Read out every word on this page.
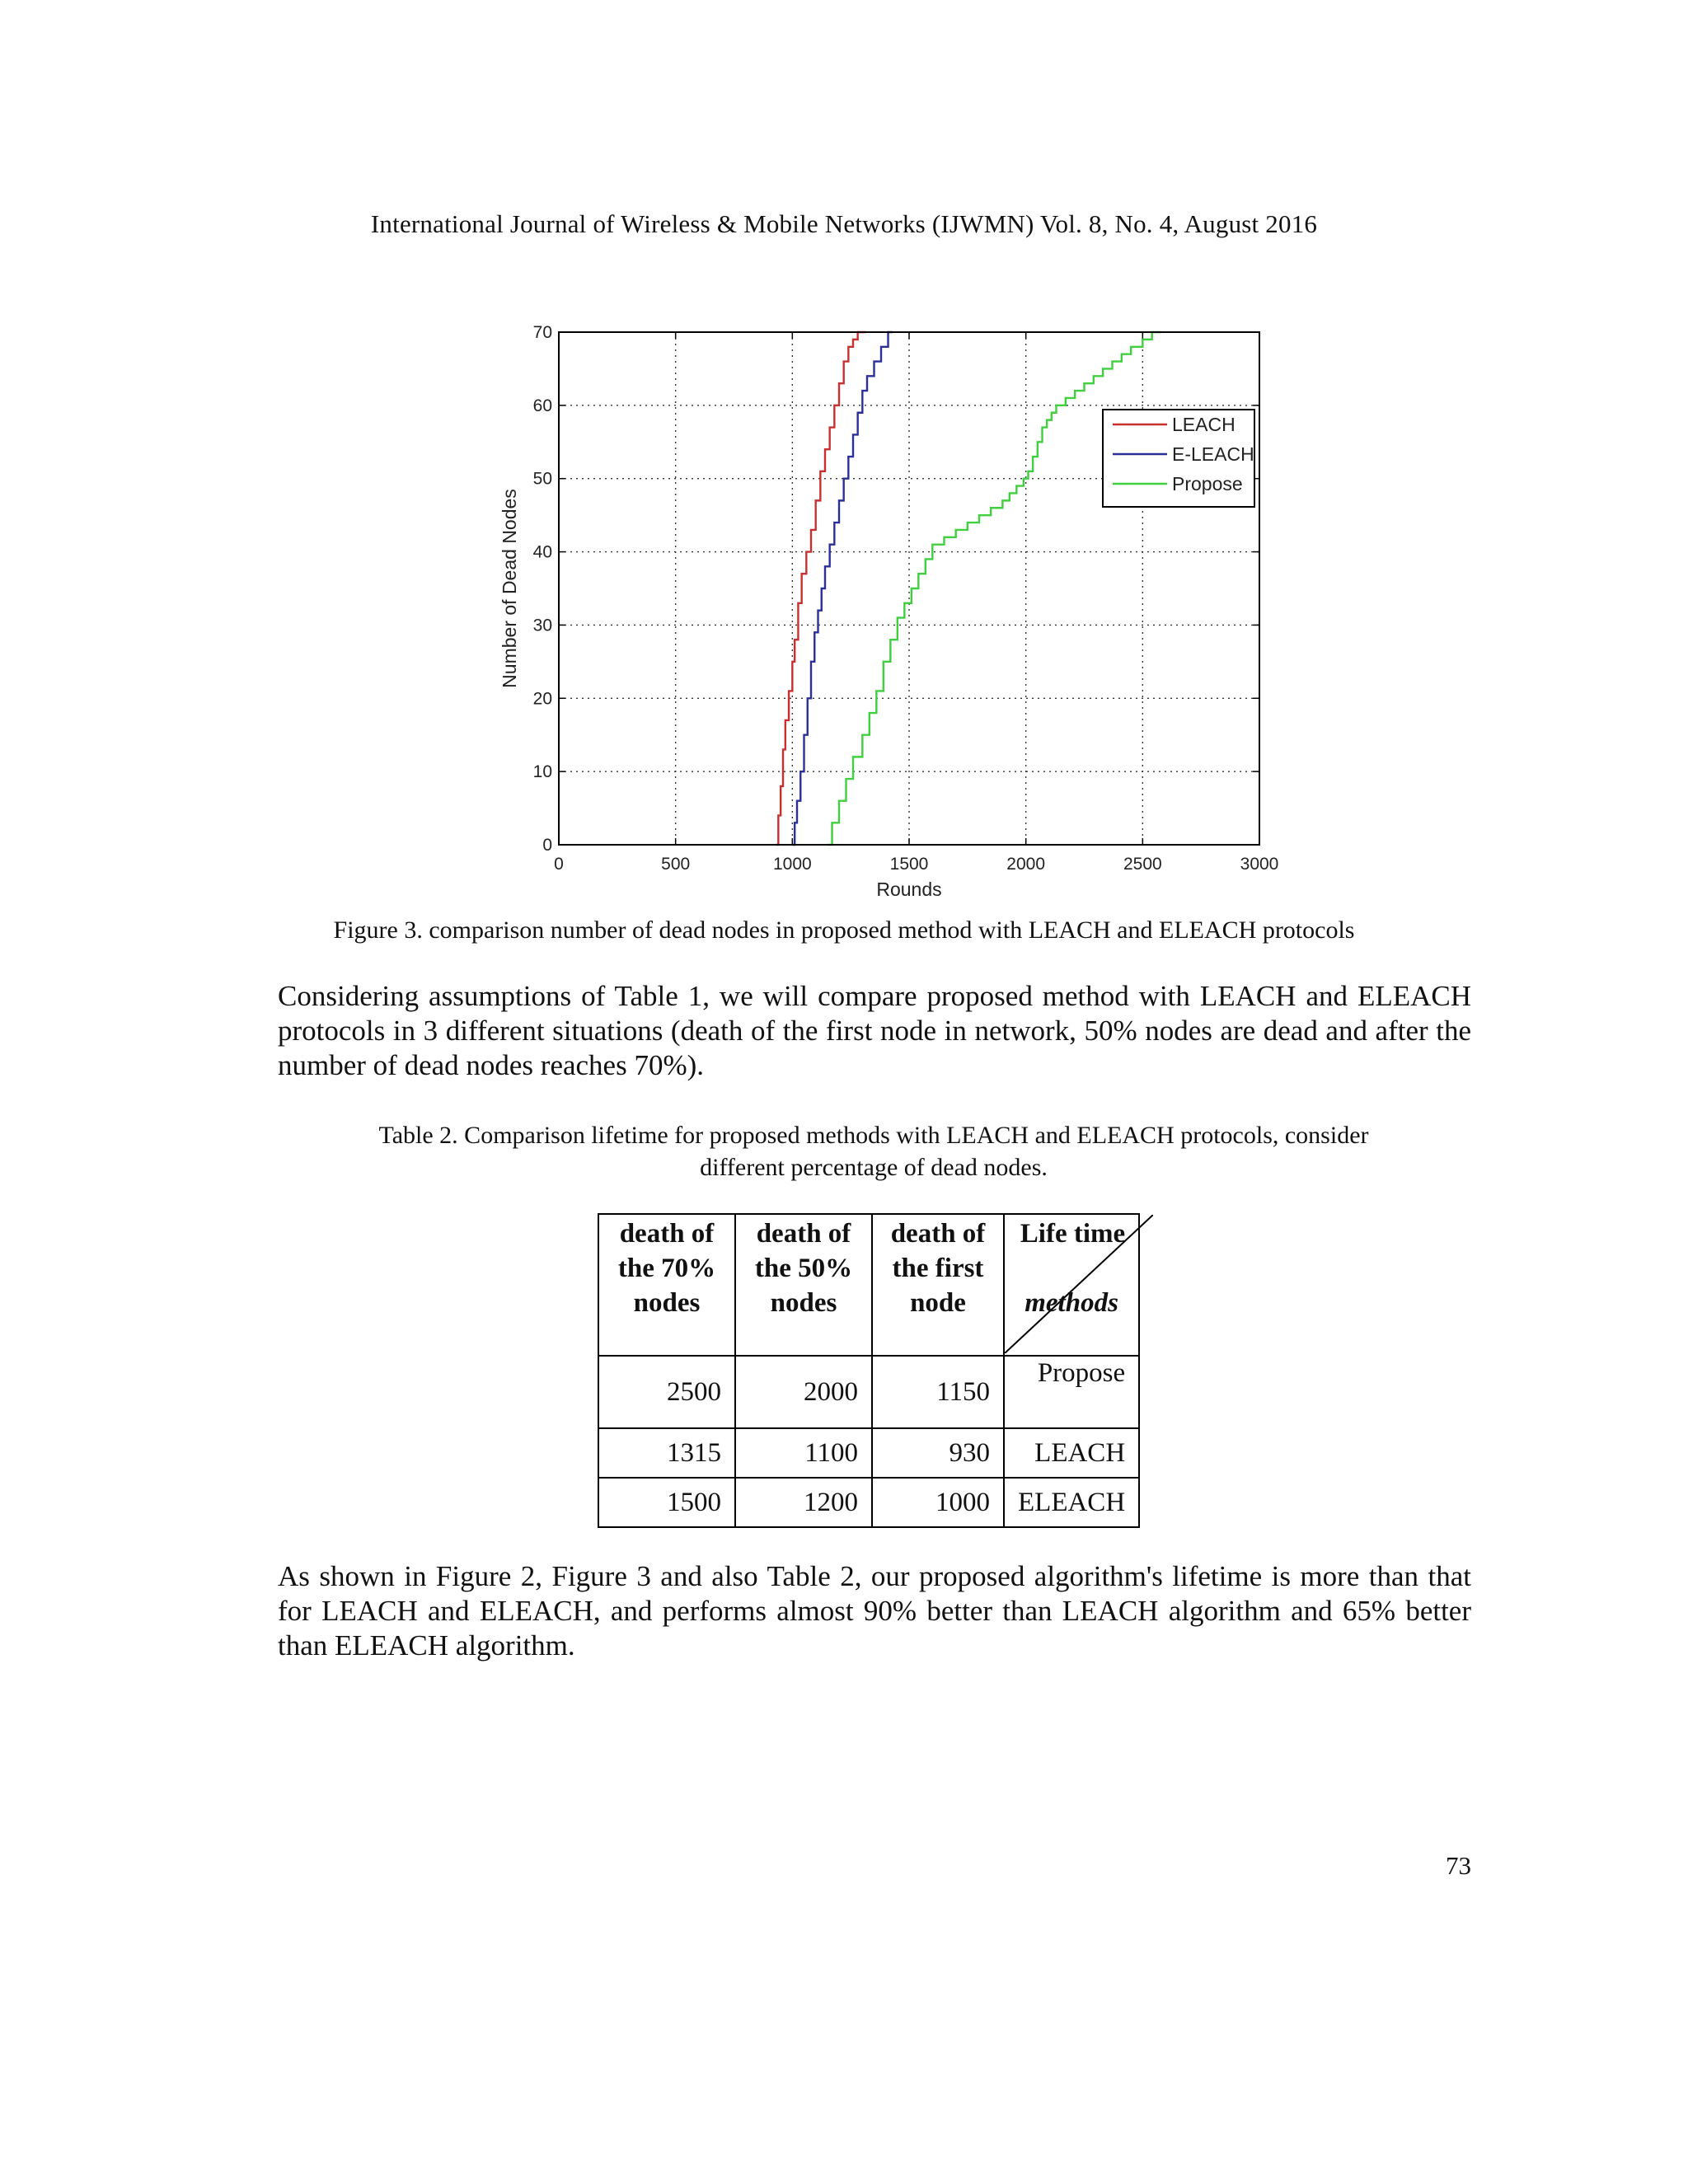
International Journal of Wireless & Mobile Networks (IJWMN) Vol. 8, No. 4, August 2016
0	500	1000	1500	2000	2500	3000
0
10
20
30
40
50
60
70
Rounds
Number of Dead Nodes
LEACH
E-LEACH
Propose
Figure 3. comparison number of dead nodes in proposed method with LEACH and ELEACH protocols
Considering assumptions of Table 1, we will compare proposed method with LEACH and ELEACH protocols in 3 different situations (death of the first node in network, 50% nodes are dead and after the number of dead nodes reaches 70%).
Table 2. Comparison lifetime for proposed methods with LEACH and ELEACH protocols, consider
different percentage of dead nodes.
death of the 70% nodes	death of the 50% nodes	death of the first node	Life time
methods

2500	2000	1150	Propose
1315	1100	930	LEACH
1500	1200	1000	ELEACH
As shown in Figure 2, Figure 3 and also Table 2, our proposed algorithm's lifetime is more than that for LEACH and ELEACH, and performs almost 90% better than LEACH algorithm and 65% better than ELEACH algorithm.
73
